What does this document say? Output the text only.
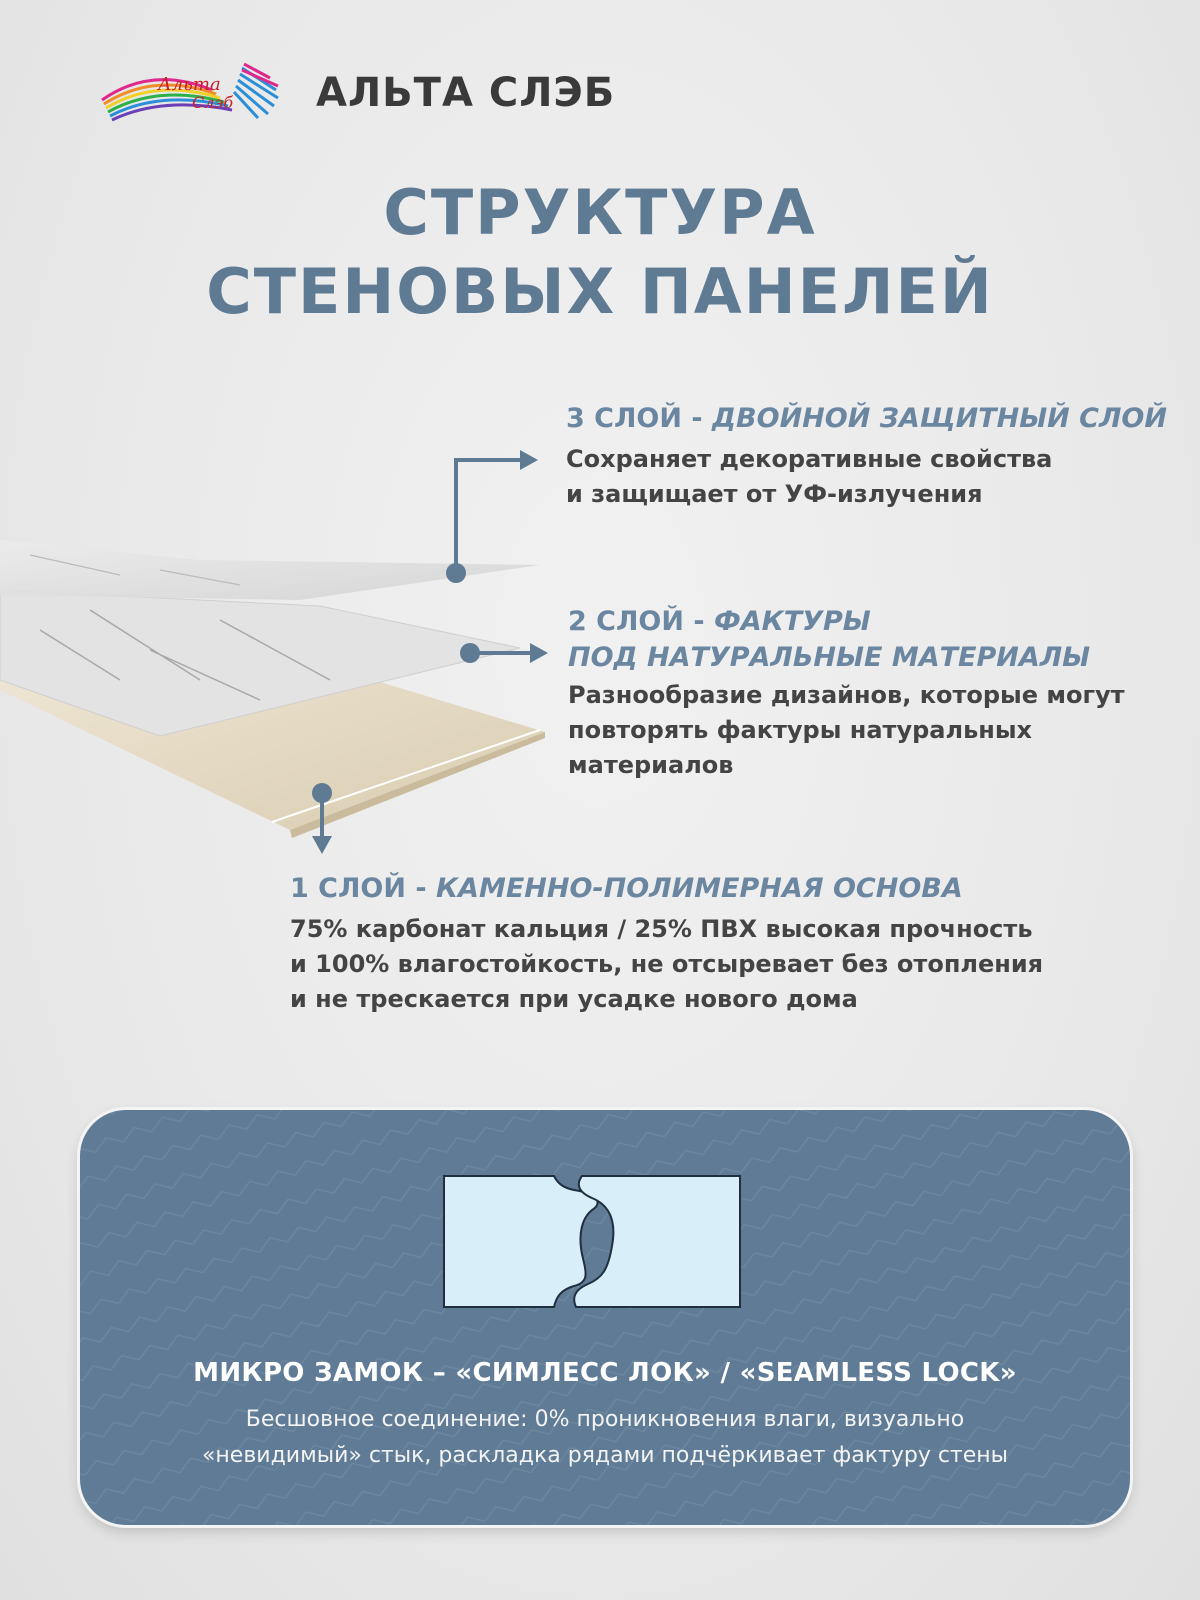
Альта
Слэб АЛЬТА СЛЭБ
СТРУКТУРА
СТЕНОВЫХ ПАНЕЛЕЙ
3 СЛОЙ - ДВОЙНОЙ ЗАЩИТНЫЙ СЛОЙ
Сохраняет декоративные свойства
и защищает от УФ-излучения
2 СЛОЙ - ФАКТУРЫ
ПОД НАТУРАЛЬНЫЕ МАТЕРИАЛЫ
Разнообразие дизайнов, которые могут
повторять фактуры натуральных
материалов
1 СЛОЙ - КАМЕННО-ПОЛИМЕРНАЯ ОСНОВА
75% карбонат кальция / 25% ПВХ высокая прочность
и 100% влагостойкость, не отсыревает без отопления
и не трескается при усадке нового дома
МИКРО ЗАМОК – «СИМЛЕСС ЛОК» / «SEAMLESS LOCK»
Бесшовное соединение: 0% проникновения влаги, визуально
«невидимый» стык, раскладка рядами подчёркивает фактуру стены
